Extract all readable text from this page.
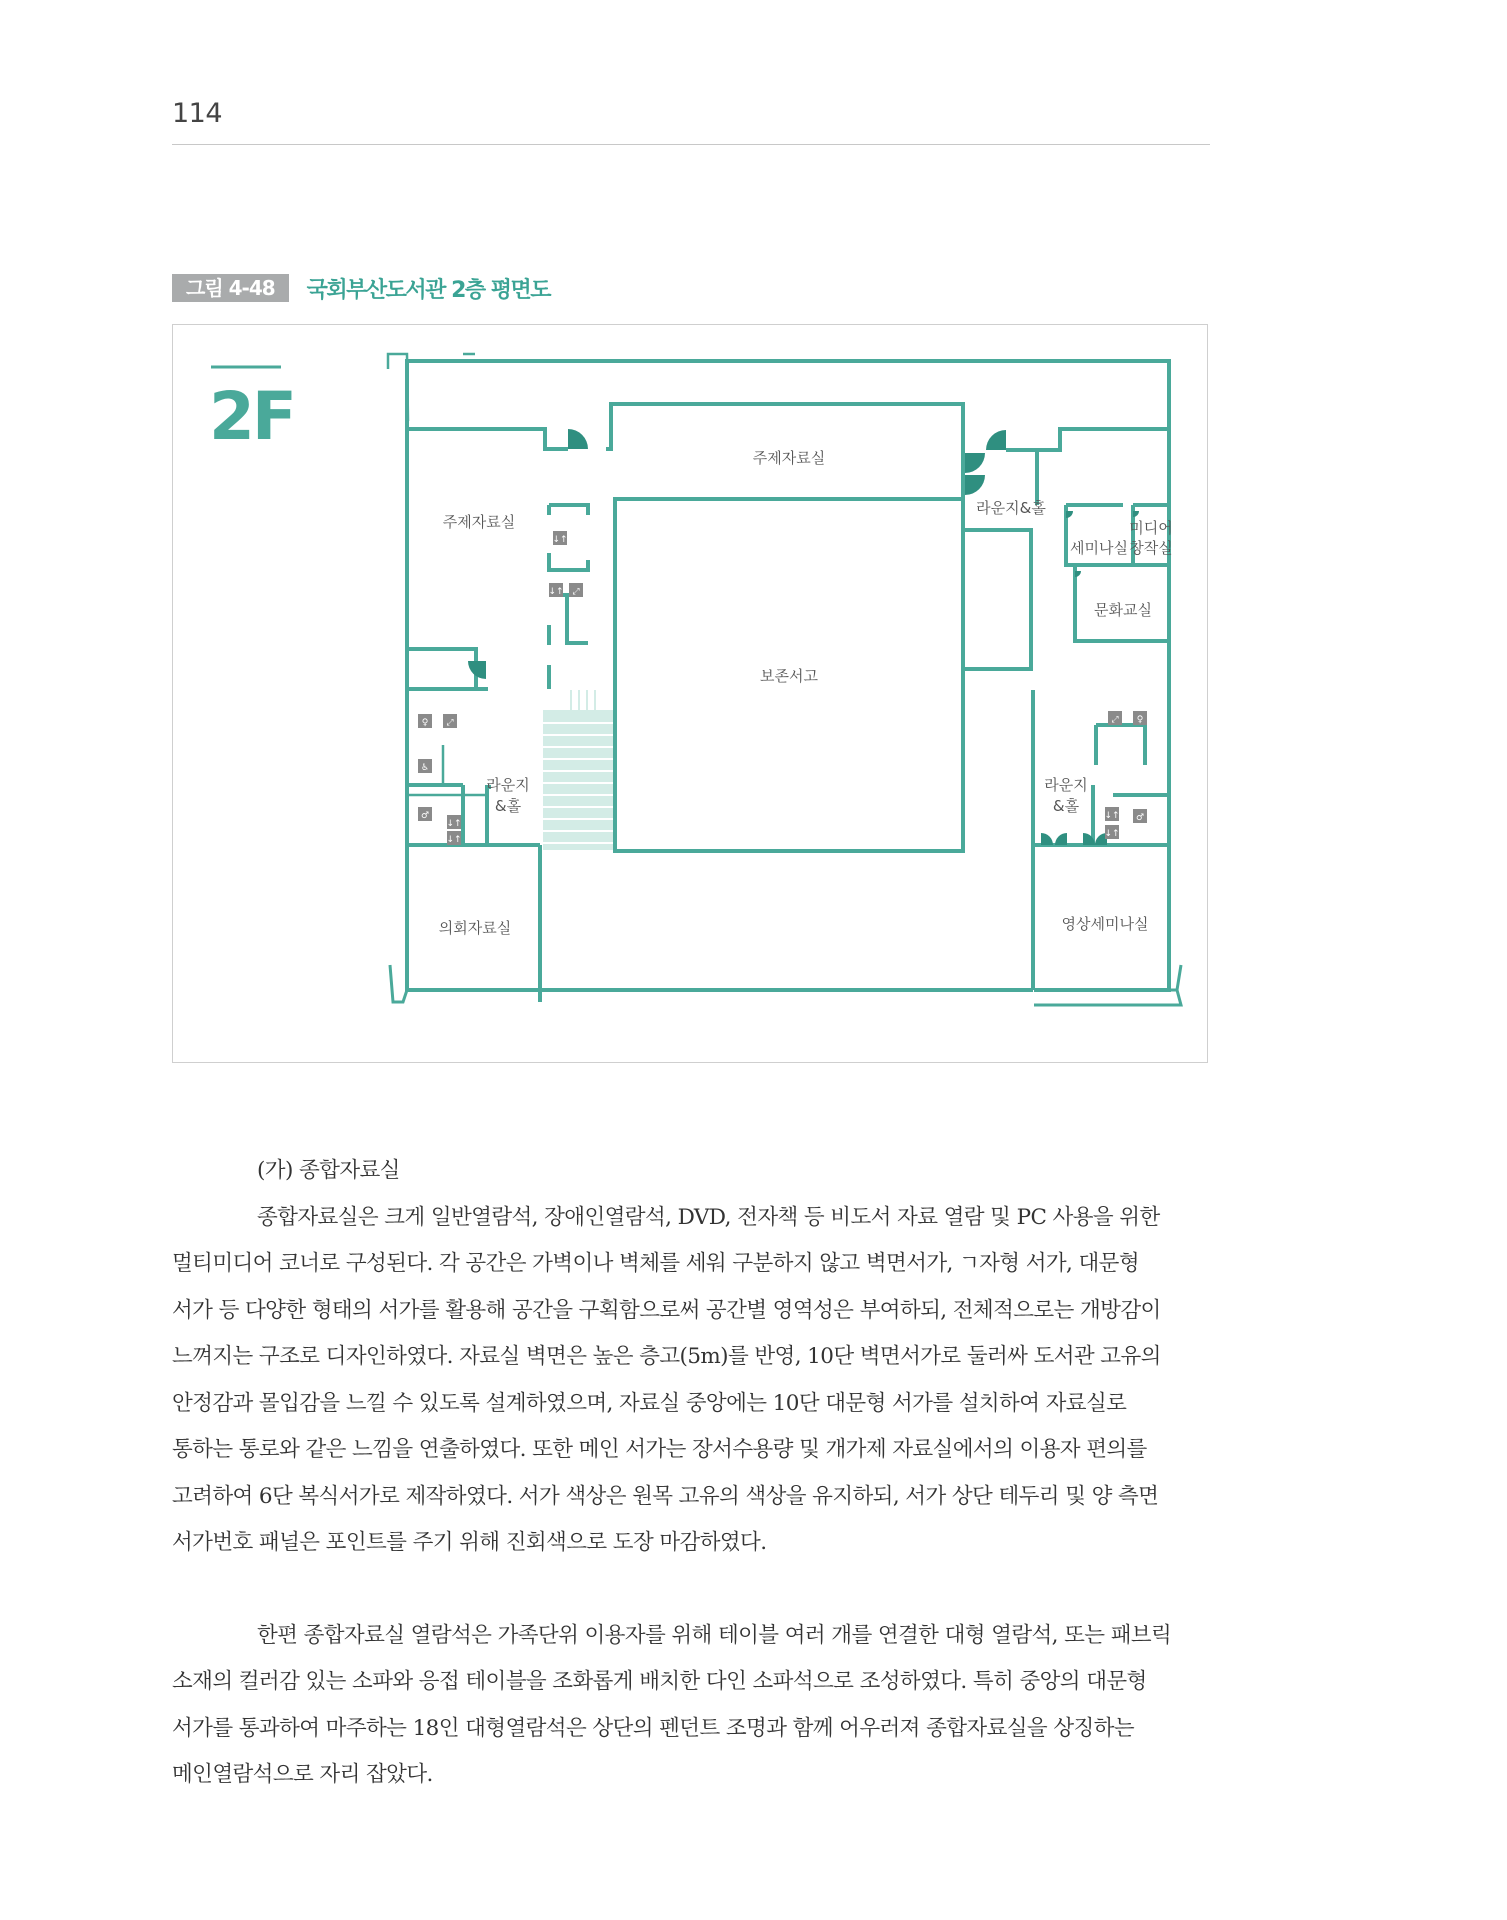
114
그림 4-48	국회부산도서관 2층 평면도
2F
↓↑
↓↑ ⤢
♀ ⤢
♿
♂
↓↑
↓↑
⤢ ♀
↓↑
↓↑
♂
주제자료실
주제자료실
라운지&홀
세미나실
미디어
창작실
문화교실
보존서고
라운지
&홀
라운지
&홀
의회자료실	영상세미나실

(가) 종합자료실

종합자료실은 크게 일반열람석, 장애인열람석, DVD, 전자책 등 비도서 자료 열람 및 PC 사용을 위한

멀티미디어 코너로 구성된다. 각 공간은 가벽이나 벽체를 세워 구분하지 않고 벽면서가, ㄱ자형 서가, 대문형

서가 등 다양한 형태의 서가를 활용해 공간을 구획함으로써 공간별 영역성은 부여하되, 전체적으로는 개방감이

느껴지는 구조로 디자인하였다. 자료실 벽면은 높은 층고(5m)를 반영, 10단 벽면서가로 둘러싸 도서관 고유의

안정감과 몰입감을 느낄 수 있도록 설계하였으며, 자료실 중앙에는 10단 대문형 서가를 설치하여 자료실로

통하는 통로와 같은 느낌을 연출하였다. 또한 메인 서가는 장서수용량 및 개가제 자료실에서의 이용자 편의를

고려하여 6단 복식서가로 제작하였다. 서가 색상은 원목 고유의 색상을 유지하되, 서가 상단 테두리 및 양 측면

서가번호 패널은 포인트를 주기 위해 진회색으로 도장 마감하였다.

한편 종합자료실 열람석은 가족단위 이용자를 위해 테이블 여러 개를 연결한 대형 열람석, 또는 패브릭

소재의 컬러감 있는 소파와 응접 테이블을 조화롭게 배치한 다인 소파석으로 조성하였다. 특히 중앙의 대문형

서가를 통과하여 마주하는 18인 대형열람석은 상단의 펜던트 조명과 함께 어우러져 종합자료실을 상징하는

메인열람석으로 자리 잡았다.
